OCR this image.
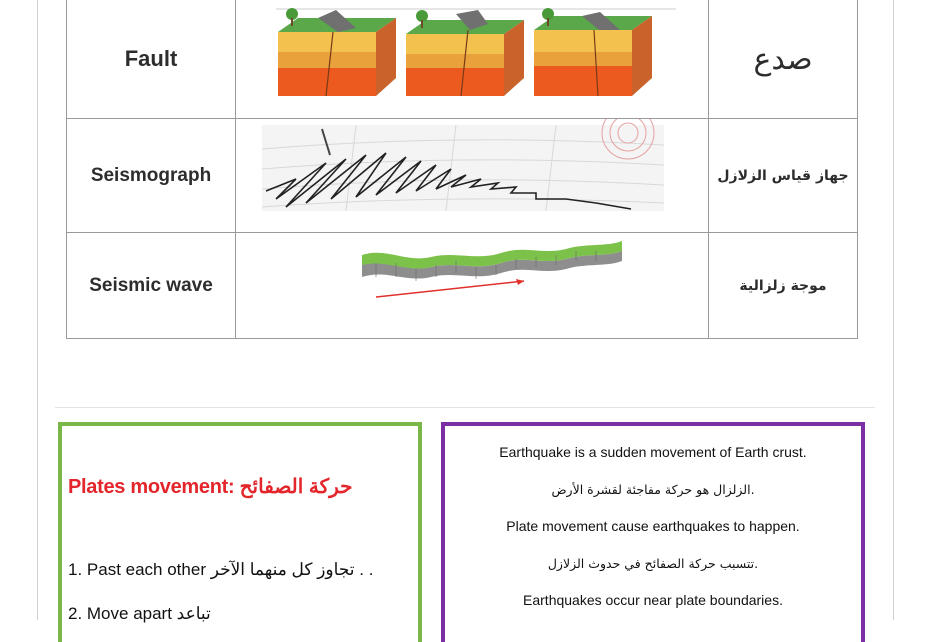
Fault		صدع
Seismograph		جهاز قياس الزلازل
Seismic wave		موجة زلزالية
Plates movement: حركة الصفائح
1. Past each other تجاوز كل منهما الآخر . .
2. Move apart تباعد
Earthquake is a sudden movement of Earth crust.
الزلزال هو حركة مفاجئة لقشرة الأرض.
Plate movement cause earthquakes to happen.
تتسبب حركة الصفائح في حدوث الزلازل.
Earthquakes occur near plate boundaries.
